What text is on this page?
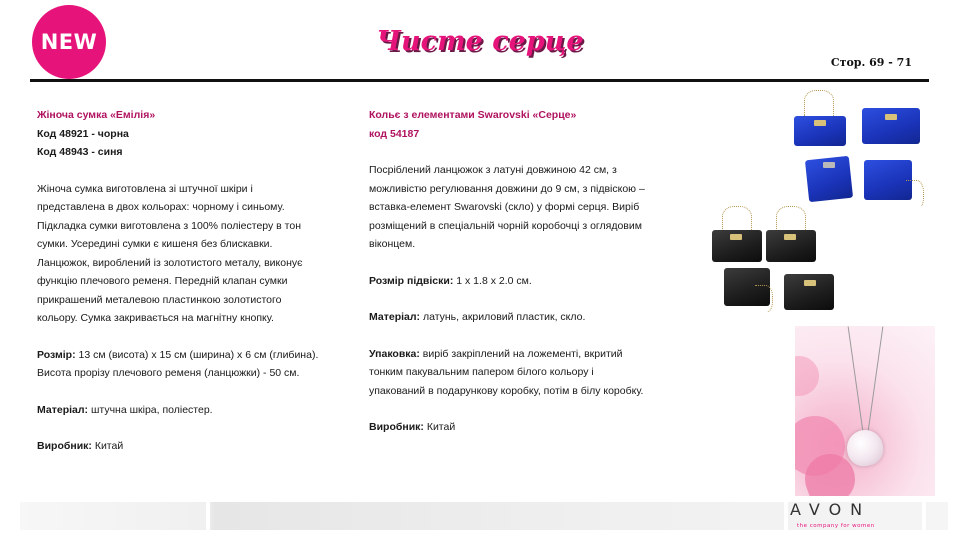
NEW	Чисте серце
Стор. 69 - 71
Жіноча сумка «Емілія»
Код 48921 - чорна
Код 48943 - синя
Жіноча сумка виготовлена зі штучної шкіри і
представлена в двох кольорах: чорному і синьому.
Підкладка сумки виготовлена з 100% поліестеру в тон
сумки. Усередині сумки є кишеня без блискавки.
Ланцюжок, вироблений із золотистого металу, виконує
функцію плечового ременя. Передній клапан сумки
прикрашений металевою пластинкою золотистого
кольору. Сумка закривається на магнітну кнопку.
Розмір: 13 см (висота) x 15 см (ширина) x 6 см (глибина).
Висота прорізу плечового ременя (ланцюжки) - 50 см.
Матеріал: штучна шкіра, поліестер.
Виробник: Китай
Кольє з елементами Swarovski «Серце»
код 54187
Посріблений ланцюжок з латуні довжиною 42 см, з
можливістю регулювання довжини до 9 см, з підвіскою –
вставка-елемент Swarovski (скло) у формі серця. Виріб
розміщений в спеціальній чорній коробочці з оглядовим
віконцем.
Розмір підвіски: 1 x 1.8 x 2.0 см.
Матеріал: латунь, акриловий пластик, скло.
Упаковка: виріб закріплений на ложементі, вкритий
тонким пакувальним папером білого кольору і
упакований в подарункову коробку, потім в білу коробку.
Виробник: Китай
AVON
the company for women
